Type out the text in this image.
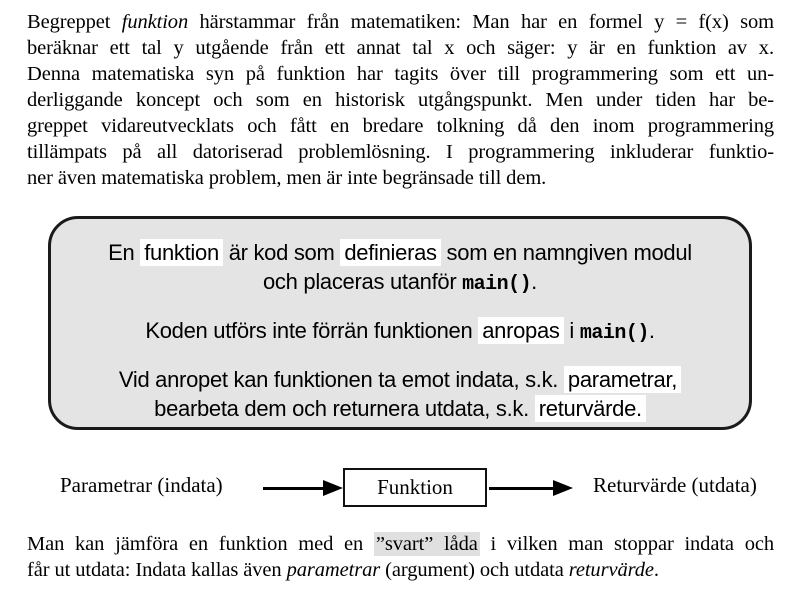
Begreppet funktion härstammar från matematiken: Man har en formel y = f(x) som
beräknar ett tal y utgående från ett annat tal x och säger: y är en funktion av x.
Denna matematiska syn på funktion har tagits över till programmering som ett un-
derliggande koncept och som en historisk utgångspunkt. Men under tiden har be-
greppet vidareutvecklats och fått en bredare tolkning då den inom programmering
tillämpats på all datoriserad problemlösning. I programmering inkluderar funktio-
ner även matematiska problem, men är inte begränsade till dem.
En funktion är kod som definieras som en namngiven modul
och placeras utanför main().
Koden utförs inte förrän funktionen anropas i main().
Vid anropet kan funktionen ta emot indata, s.k. parametrar,
bearbeta dem och returnera utdata, s.k. returvärde.
Parametrar (indata)	Funktion	Returvärde (utdata)
Man kan jämföra en funktion med en ”svart” låda i vilken man stoppar indata och
får ut utdata: Indata kallas även parametrar (argument) och utdata returvärde.
